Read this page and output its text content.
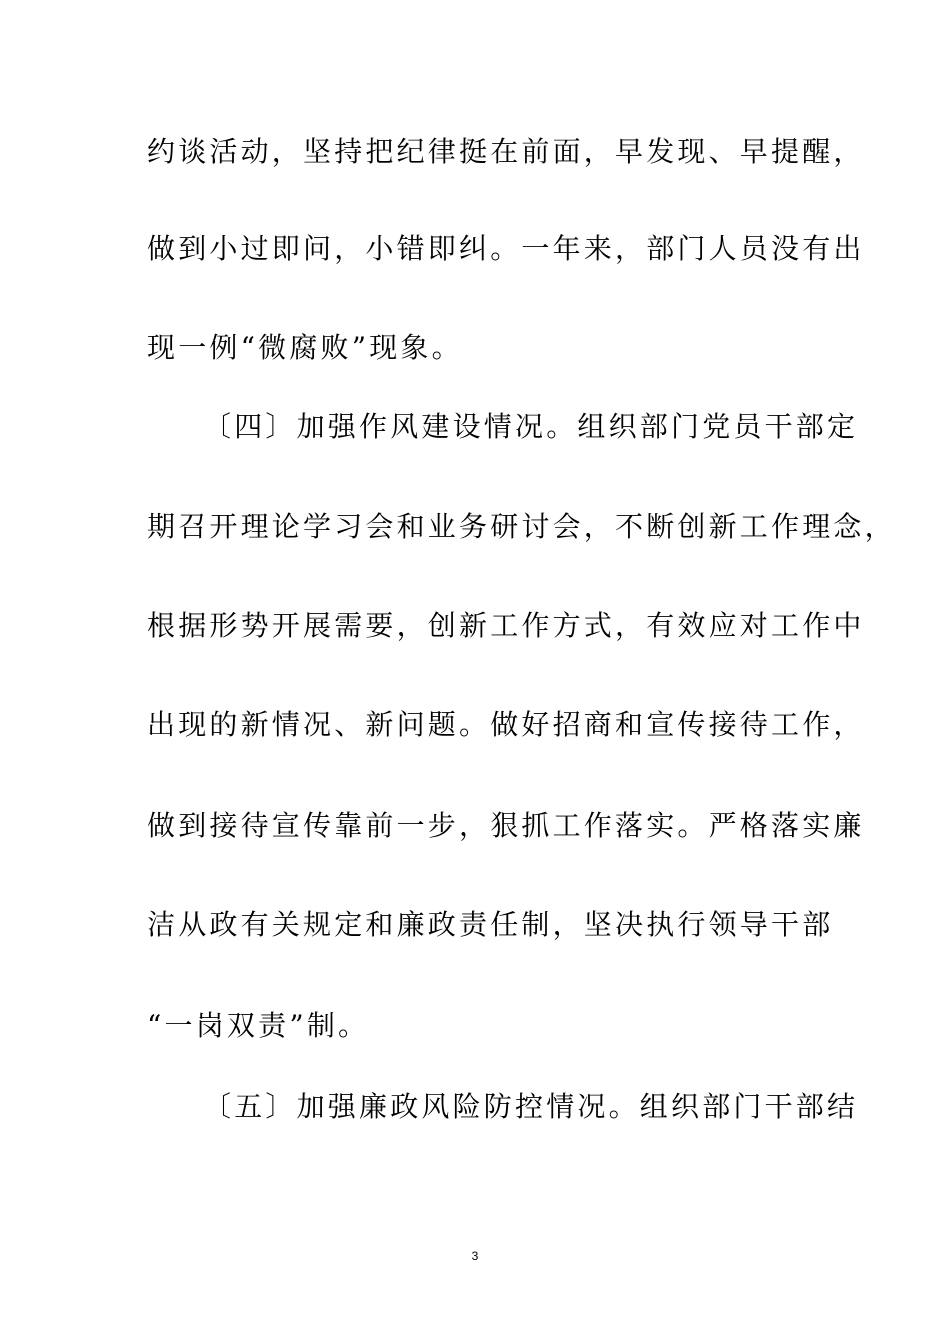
约谈活动，坚持把纪律挺在前面，早发现、早提醒，
做到小过即问，小错即纠。一年来，部门人员没有出
现一例“微腐败”现象。
〔四〕加强作风建设情况。组织部门党员干部定
期召开理论学习会和业务研讨会，不断创新工作理念，
根据形势开展需要，创新工作方式，有效应对工作中
出现的新情况、新问题。做好招商和宣传接待工作，
做到接待宣传靠前一步，狠抓工作落实。严格落实廉
洁从政有关规定和廉政责任制，坚决执行领导干部
“一岗双责”制。
〔五〕加强廉政风险防控情况。组织部门干部结
3
